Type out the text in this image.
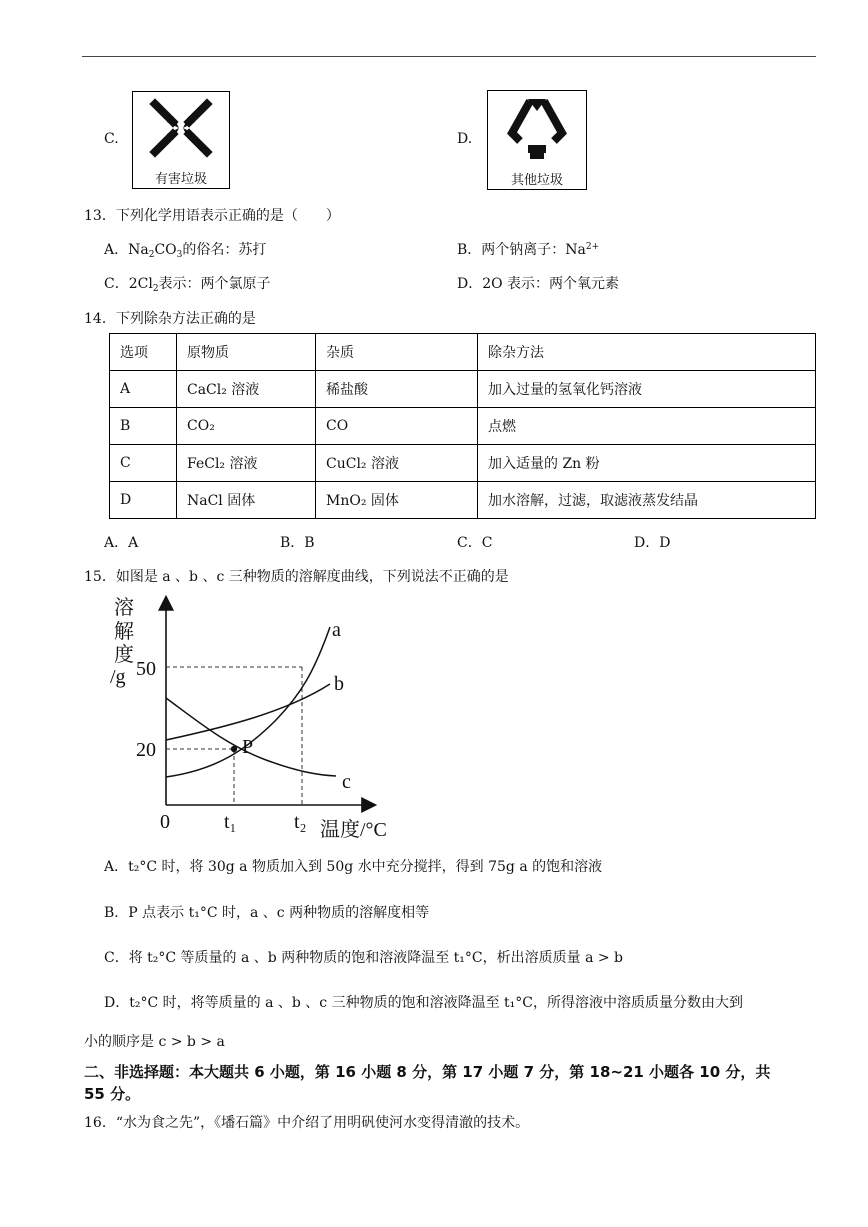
C.
有害垃圾
D.
其他垃圾
13．下列化学用语表示正确的是（　　）
A．$Na_2CO_3$的俗名：苏打	B．两个钠离子：$Na^{2+}$
C．$2Cl_2$表示：两个氯原子	D．2O 表示：两个氧元素
14．下列除杂方法正确的是
选项	原物质	杂质	除杂方法
A	CaCl₂ 溶液	稀盐酸	加入过量的氢氧化钙溶液
B	CO₂	CO	点燃
C	FeCl₂ 溶液	CuCl₂ 溶液	加入适量的 Zn 粉
D	NaCl 固体	MnO₂ 固体	加水溶解，过滤，取滤液蒸发结晶
A．A	B．B	C．C	D．D
15．如图是 a 、b 、c 三种物质的溶解度曲线，下列说法不正确的是
溶
解
度
/g 50
20
0	t₁	t₂ 温度/°C
P
a
b
c
A．t₂°C 时，将 30g a 物质加入到 50g 水中充分搅拌，得到 75g a 的饱和溶液
B．P 点表示 t₁°C 时，a 、c 两种物质的溶解度相等
C．将 t₂°C 等质量的 a 、b 两种物质的饱和溶液降温至 t₁°C，析出溶质质量 a > b
D．t₂°C 时，将等质量的 a 、b 、c 三种物质的饱和溶液降温至 t₁°C，所得溶液中溶质质量分数由大到
小的顺序是 c > b > a
二、非选择题：本大题共 6 小题，第 16 小题 8 分，第 17 小题 7 分，第 18~21 小题各 10 分，共
55 分。
16．“水为食之先”，《墦石篇》中介绍了用明矾使河水变得清澈的技术。
